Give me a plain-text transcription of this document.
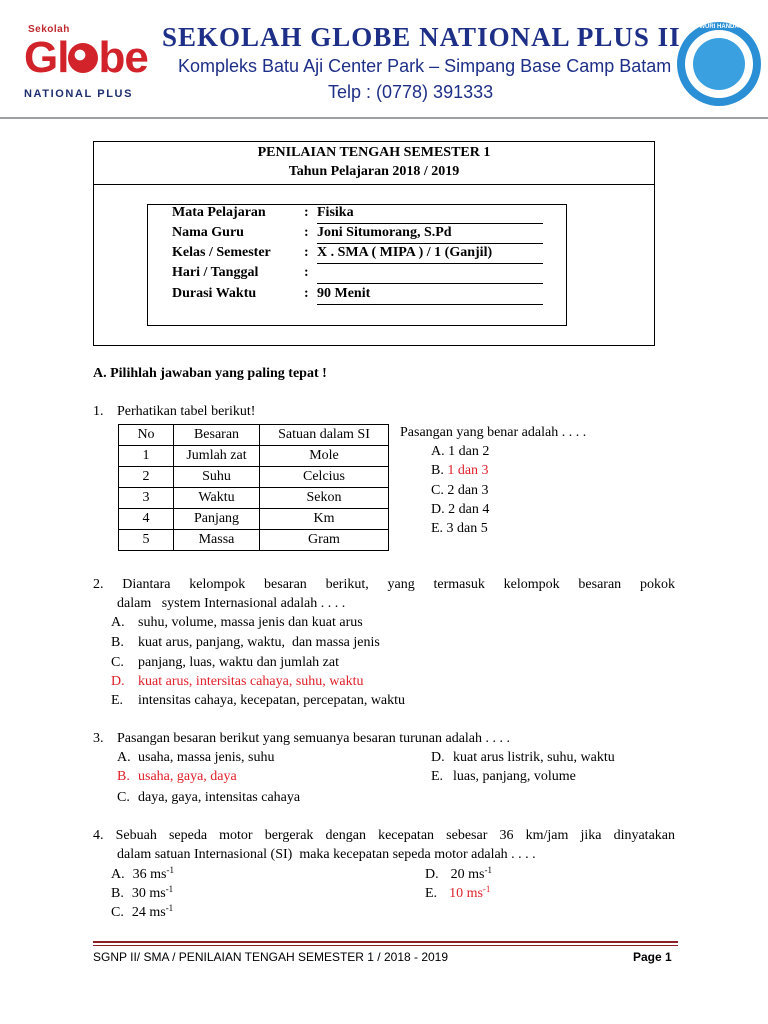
Sekolah
Gl be
NATIONAL PLUS
SEKOLAH GLOBE NATIONAL PLUS II
Kompleks Batu Aji Center Park – Simpang Base Camp Batam
Telp : (0778) 391333
TUT WURI HANDAYANI
PENILAIAN TENGAH SEMESTER 1
Tahun Pelajaran 2018 / 2019
Mata Pelajaran	: Fisika
Nama Guru	: Joni Situmorang, S.Pd
Kelas / Semester : X . SMA ( MIPA ) / 1 (Ganjil)
Hari / Tanggal	:
Durasi Waktu	: 90 Menit
A. Pilihlah jawaban yang paling tepat !
1. Perhatikan tabel berikut!
No	Besaran	Satuan dalam SI
1	Jumlah zat	Mole
2	Suhu	Celcius
3	Waktu	Sekon
4	Panjang	Km
5	Massa	Gram
Pasangan yang benar adalah . . . .
A. 1 dan 2
B. 1 dan 3
C. 2 dan 3
D. 2 dan 4
E. 3 dan 5
2. Diantara kelompok besaran berikut, yang termasuk kelompok besaran pokok
dalam   system Internasional adalah . . . .
A. suhu, volume, massa jenis dan kuat arus
B. kuat arus, panjang, waktu,  dan massa jenis
C. panjang, luas, waktu dan jumlah zat
D. kuat arus, intersitas cahaya, suhu, waktu
E. intensitas cahaya, kecepatan, percepatan, waktu
3. Pasangan besaran berikut yang semuanya besaran turunan adalah . . . .
A. usaha, massa jenis, suhu
B. usaha, gaya, daya
C. daya, gaya, intensitas cahaya
D. kuat arus listrik, suhu, waktu
E. luas, panjang, volume
4. Sebuah sepeda motor bergerak dengan kecepatan sebesar 36 km/jam jika dinyatakan
dalam satuan Internasional (SI)  maka kecepatan sepeda motor adalah . . . .
A. 36 $ms^{-1}$
B. 30 $ms^{-1}$
C. 24 $ms^{-1}$
D. 20 $ms^{-1}$
E. 10 $ms^{-1}$
SGNP II/ SMA / PENILAIAN TENGAH SEMESTER 1 / 2018 - 2019	Page 1
